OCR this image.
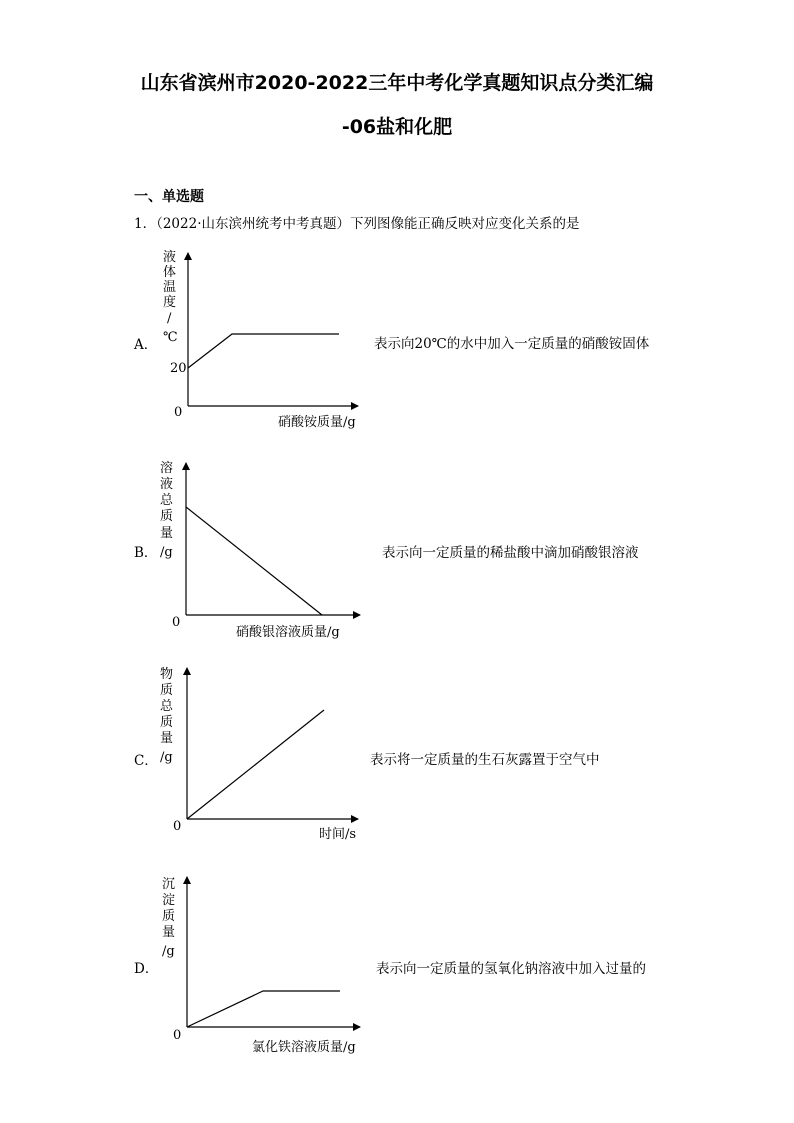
山东省滨州市2020-2022三年中考化学真题知识点分类汇编
-06盐和化肥
一、单选题
1．（2022·山东滨州统考中考真题）下列图像能正确反映对应变化关系的是
A．
B．
C．
D．
表示向20℃的水中加入一定质量的硝酸铵固体
表示向一定质量的稀盐酸中滴加硝酸银溶液
表示将一定质量的生石灰露置于空气中
表示向一定质量的氢氧化钠溶液中加入过量的
液
体
温
度
/
℃
20
0
硝酸铵质量/g
溶
液
总
质
量
/g
0
硝酸银溶液质量/g
物
质
总
质
量
/g
0
时间/s
沉
淀
质
量
/g
0
氯化铁溶液质量/g
